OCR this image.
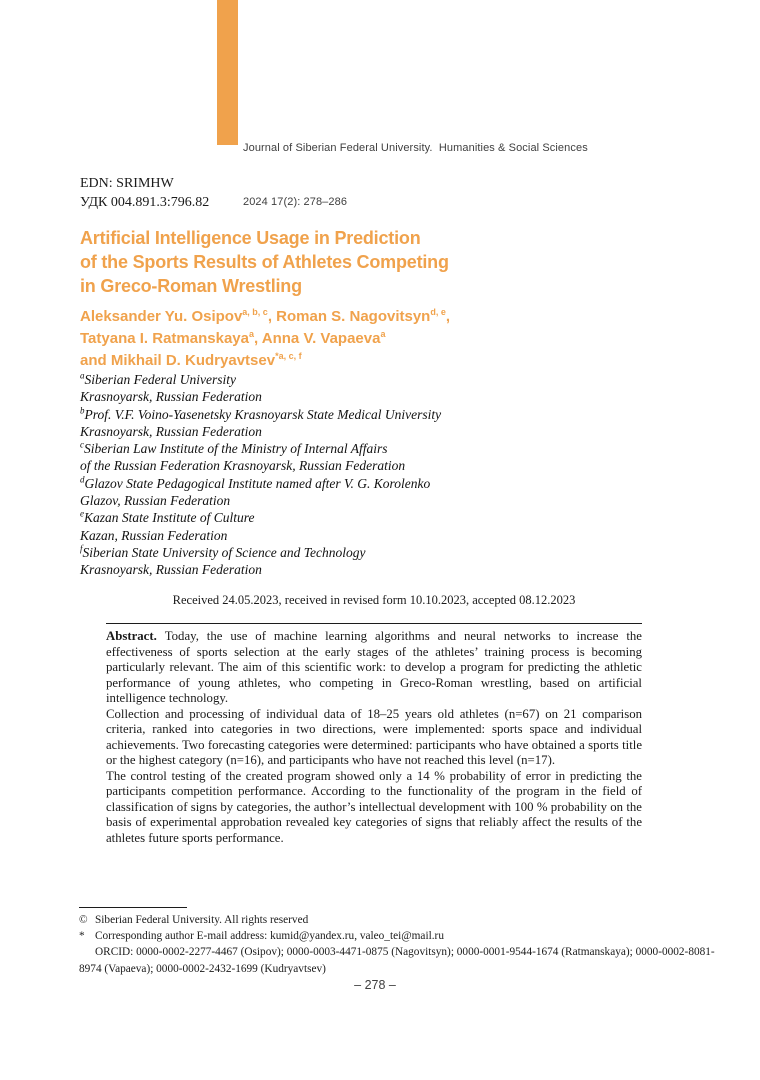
Journal of Siberian Federal University.  Humanities & Social Sciences

2024 17(2): 278–286

EDN: SRIMHW
УДК 004.891.3:796.82
Artificial Intelligence Usage in Prediction
of the Sports Results of Athletes Competing
in Greco-Roman Wrestling
Aleksander Yu. Osipov$^{a, b, c}$, Roman S. Nagovitsyn$^{d, e}$,
Tatyana I. Ratmanskaya$^a$, Anna V. Vapaeva$^a$
and Mikhail D. Kudryavtsev$^{*a, c, f}$
$^a$Siberian Federal University
Krasnoyarsk, Russian Federation
$^b$Prof. V.F. Voino-Yasenetsky Krasnoyarsk State Medical University
Krasnoyarsk, Russian Federation
$^c$Siberian Law Institute of the Ministry of Internal Affairs
of the Russian Federation Krasnoyarsk, Russian Federation
$^d$Glazov State Pedagogical Institute named after V. G. Korolenko
Glazov, Russian Federation
$^e$Kazan State Institute of Culture
Kazan, Russian Federation
$^f$Siberian State University of Science and Technology
Krasnoyarsk, Russian Federation
Received 24.05.2023, received in revised form 10.10.2023, accepted 08.12.2023

Abstract. Today, the use of machine learning algorithms and neural networks to increase the effectiveness of sports selection at the early stages of the athletes’ training process is becoming particularly relevant. The aim of this scientific work: to develop a program for predicting the athletic performance of young athletes, who competing in Greco-Roman wrestling, based on artificial intelligence technology.

Collection and processing of individual data of 18–25 years old athletes (n=67) on 21 comparison criteria, ranked into categories in two directions, were implemented: sports space and individual achievements. Two forecasting categories were determined: participants who have obtained a sports title or the highest category (n=16), and participants who have not reached this level (n=17).

The control testing of the created program showed only a 14 % probability of error in predicting the participants competition performance. According to the functionality of the program in the field of classification of signs by categories, the author’s intellectual development with 100 % probability on the basis of experimental approbation revealed key categories of signs that reliably affect the results of the athletes future sports performance.

© Siberian Federal University. All rights reserved

* Corresponding author E-mail address: kumid@yandex.ru, valeo_tei@mail.ru

ORCID: 0000-0002-2277-4467 (Osipov); 0000-0003-4471-0875 (Nagovitsyn); 0000-0001-9544-1674 (Ratmanskaya); 0000-0002-8081-8974 (Vapaeva); 0000-0002-2432-1699 (Kudryavtsev)

– 278 –
